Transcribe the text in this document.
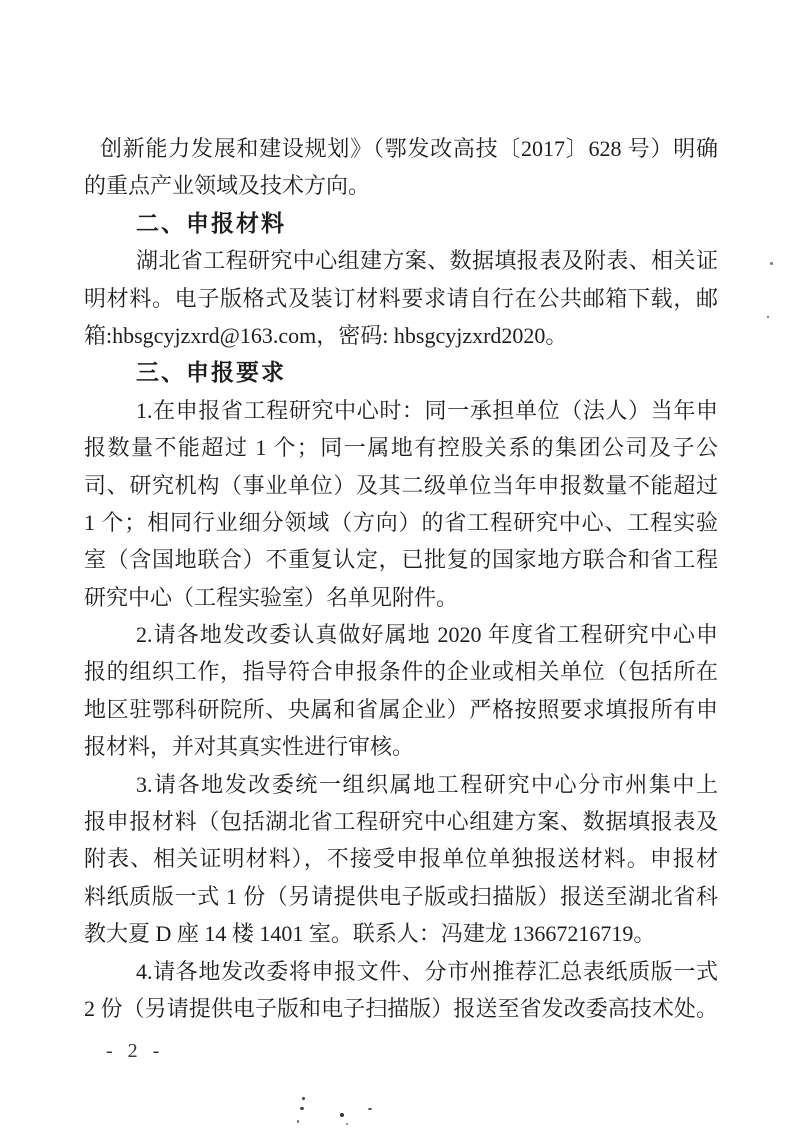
创新能力发展和建设规划》（鄂发改高技〔2017〕628 号）明确
的重点产业领域及技术方向。
二、申报材料
湖北省工程研究中心组建方案、数据填报表及附表、相关证
明材料。电子版格式及装订材料要求请自行在公共邮箱下载，邮
箱:hbsgcyjzxrd@163.com，密码: hbsgcyjzxrd2020。
三、申报要求
1.在申报省工程研究中心时：同一承担单位（法人）当年申
报数量不能超过 1 个；同一属地有控股关系的集团公司及子公
司、研究机构（事业单位）及其二级单位当年申报数量不能超过
1 个；相同行业细分领域（方向）的省工程研究中心、工程实验
室（含国地联合）不重复认定，已批复的国家地方联合和省工程
研究中心（工程实验室）名单见附件。
2.请各地发改委认真做好属地 2020 年度省工程研究中心申
报的组织工作，指导符合申报条件的企业或相关单位（包括所在
地区驻鄂科研院所、央属和省属企业）严格按照要求填报所有申
报材料，并对其真实性进行审核。
3.请各地发改委统一组织属地工程研究中心分市州集中上
报申报材料（包括湖北省工程研究中心组建方案、数据填报表及
附表、相关证明材料），不接受申报单位单独报送材料。申报材
料纸质版一式 1 份（另请提供电子版或扫描版）报送至湖北省科
教大夏 D 座 14 楼 1401 室。联系人：冯建龙 13667216719。
4.请各地发改委将申报文件、分市州推荐汇总表纸质版一式
2 份（另请提供电子版和电子扫描版）报送至省发改委高技术处。
- 2 -
